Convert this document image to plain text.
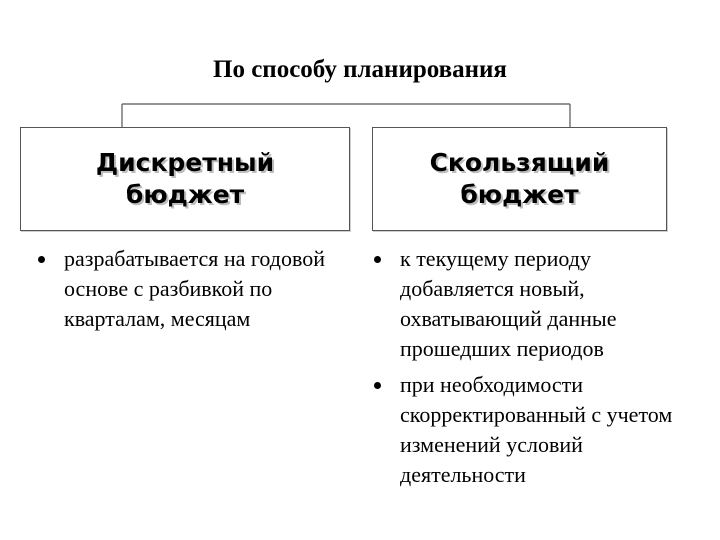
По способу планирования
Дискретный
бюджет
Скользящий
бюджет
разрабатывается на годовой основе с разбивкой по кварталам, месяцам
к текущему периоду добавляется новый, охватывающий данные прошедших периодов
при необходимости скорректированный с учетом изменений условий деятельности
